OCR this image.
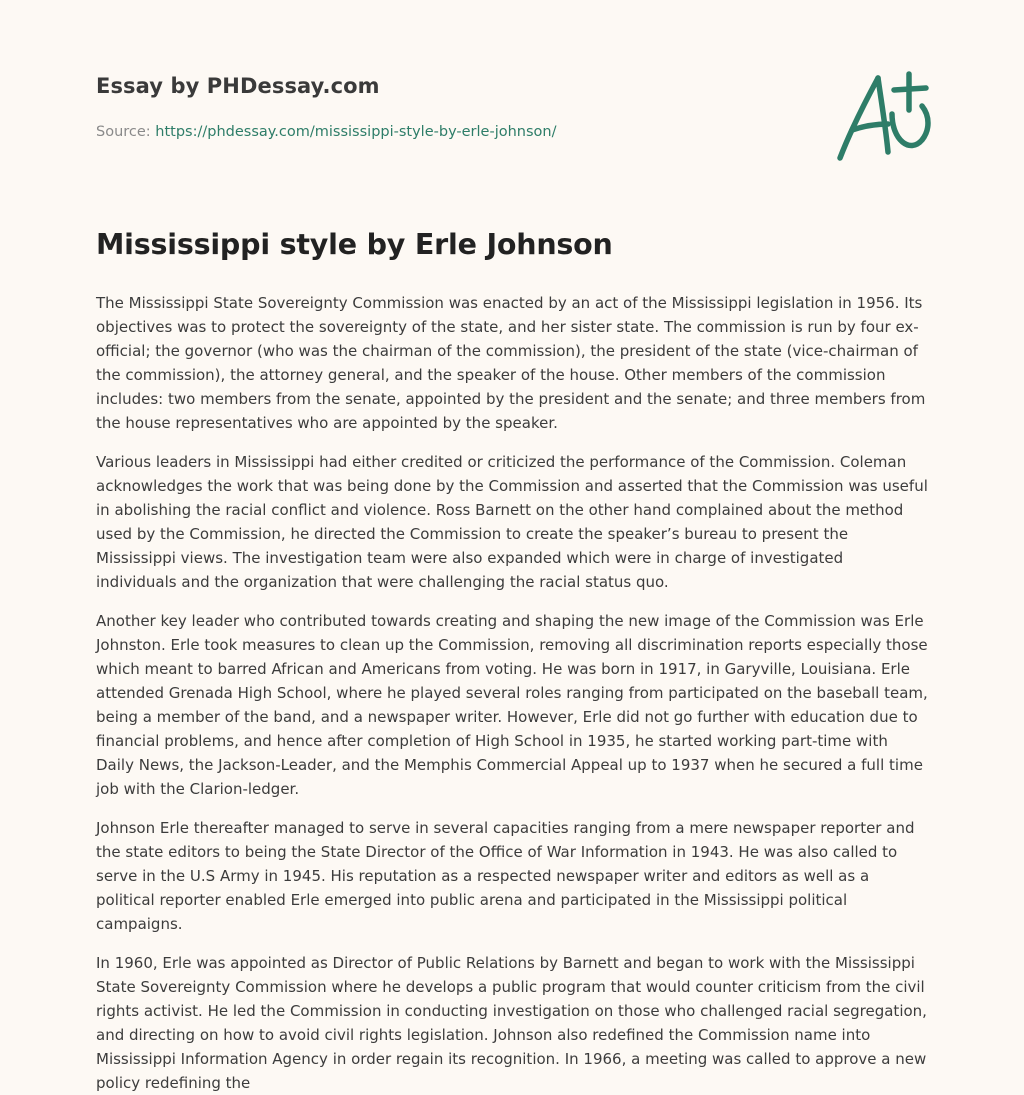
Essay by PHDessay.com
Source: https://phdessay.com/mississippi-style-by-erle-johnson/
Mississippi style by Erle Johnson

The Mississippi State Sovereignty Commission was enacted by an act of the Mississippi legislation in 1956. Its objectives was to protect the sovereignty of the state, and her sister state. The commission is run by four ex-official; the governor (who was the chairman of the commission), the president of the state (vice-chairman of the commission), the attorney general, and the speaker of the house. Other members of the commission includes: two members from the senate, appointed by the president and the senate; and three members from the house representatives who are appointed by the speaker.

Various leaders in Mississippi had either credited or criticized the performance of the Commission. Coleman acknowledges the work that was being done by the Commission and asserted that the Commission was useful in abolishing the racial conflict and violence. Ross Barnett on the other hand complained about the method used by the Commission, he directed the Commission to create the speaker’s bureau to present the Mississippi views. The investigation team were also expanded which were in charge of investigated individuals and the organization that were challenging the racial status quo.

Another key leader who contributed towards creating and shaping the new image of the Commission was Erle Johnston. Erle took measures to clean up the Commission, removing all discrimination reports especially those which meant to barred African and Americans from voting. He was born in 1917, in Garyville, Louisiana. Erle attended Grenada High School, where he played several roles ranging from participated on the baseball team, being a member of the band, and a newspaper writer. However, Erle did not go further with education due to financial problems, and hence after completion of High School in 1935, he started working part-time with Daily News, the Jackson-Leader, and the Memphis Commercial Appeal up to 1937 when he secured a full time job with the Clarion-ledger.

Johnson Erle thereafter managed to serve in several capacities ranging from a mere newspaper reporter and the state editors to being the State Director of the Office of War Information in 1943. He was also called to serve in the U.S Army in 1945. His reputation as a respected newspaper writer and editors as well as a political reporter enabled Erle emerged into public arena and participated in the Mississippi political campaigns.

In 1960, Erle was appointed as Director of Public Relations by Barnett and began to work with the Mississippi State Sovereignty Commission where he develops a public program that would counter criticism from the civil rights activist. He led the Commission in conducting investigation on those who challenged racial segregation, and directing on how to avoid civil rights legislation. Johnson also redefined the Commission name into Mississippi Information Agency in order regain its recognition. In 1966, a meeting was called to approve a new policy redefining the
